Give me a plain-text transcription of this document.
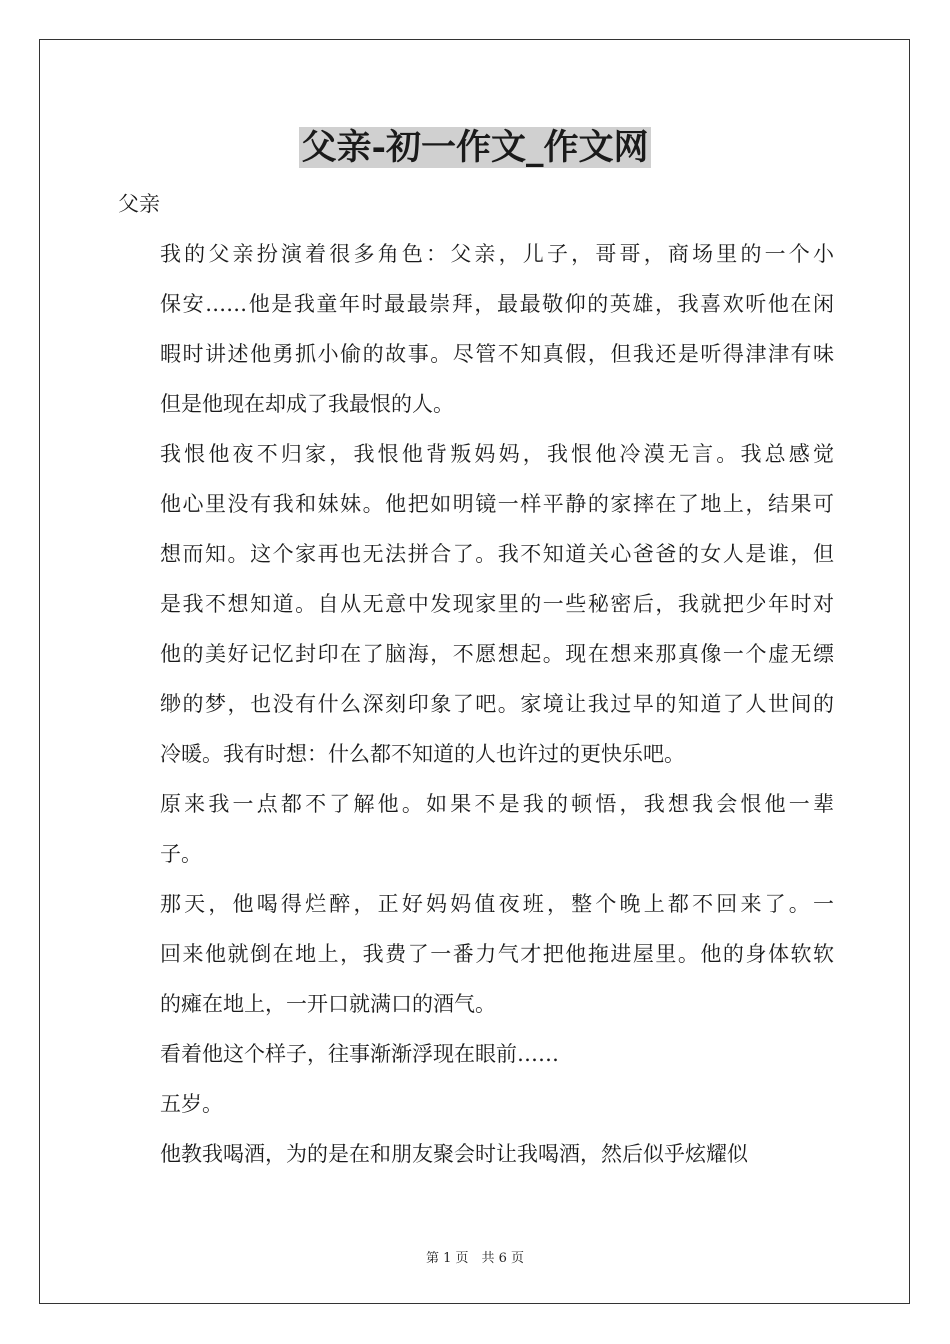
父亲-初一作文_作文网

父亲

我的父亲扮演着很多角色：父亲，儿子，哥哥，商场里的一个小
保安……他是我童年时最最崇拜，最最敬仰的英雄，我喜欢听他在闲
暇时讲述他勇抓小偷的故事。尽管不知真假，但我还是听得津津有味
但是他现在却成了我最恨的人。

我恨他夜不归家，我恨他背叛妈妈，我恨他冷漠无言。我总感觉
他心里没有我和妹妹。他把如明镜一样平静的家摔在了地上，结果可
想而知。这个家再也无法拼合了。我不知道关心爸爸的女人是谁，但
是我不想知道。自从无意中发现家里的一些秘密后，我就把少年时对
他的美好记忆封印在了脑海，不愿想起。现在想来那真像一个虚无缥
缈的梦，也没有什么深刻印象了吧。家境让我过早的知道了人世间的
冷暖。我有时想：什么都不知道的人也许过的更快乐吧。

原来我一点都不了解他。如果不是我的顿悟，我想我会恨他一辈
子。

那天，他喝得烂醉，正好妈妈值夜班，整个晚上都不回来了。一
回来他就倒在地上，我费了一番力气才把他拖进屋里。他的身体软软
的瘫在地上，一开口就满口的酒气。

看着他这个样子，往事渐渐浮现在眼前……

五岁。

他教我喝酒，为的是在和朋友聚会时让我喝酒，然后似乎炫耀似

第 1 页　共 6 页
